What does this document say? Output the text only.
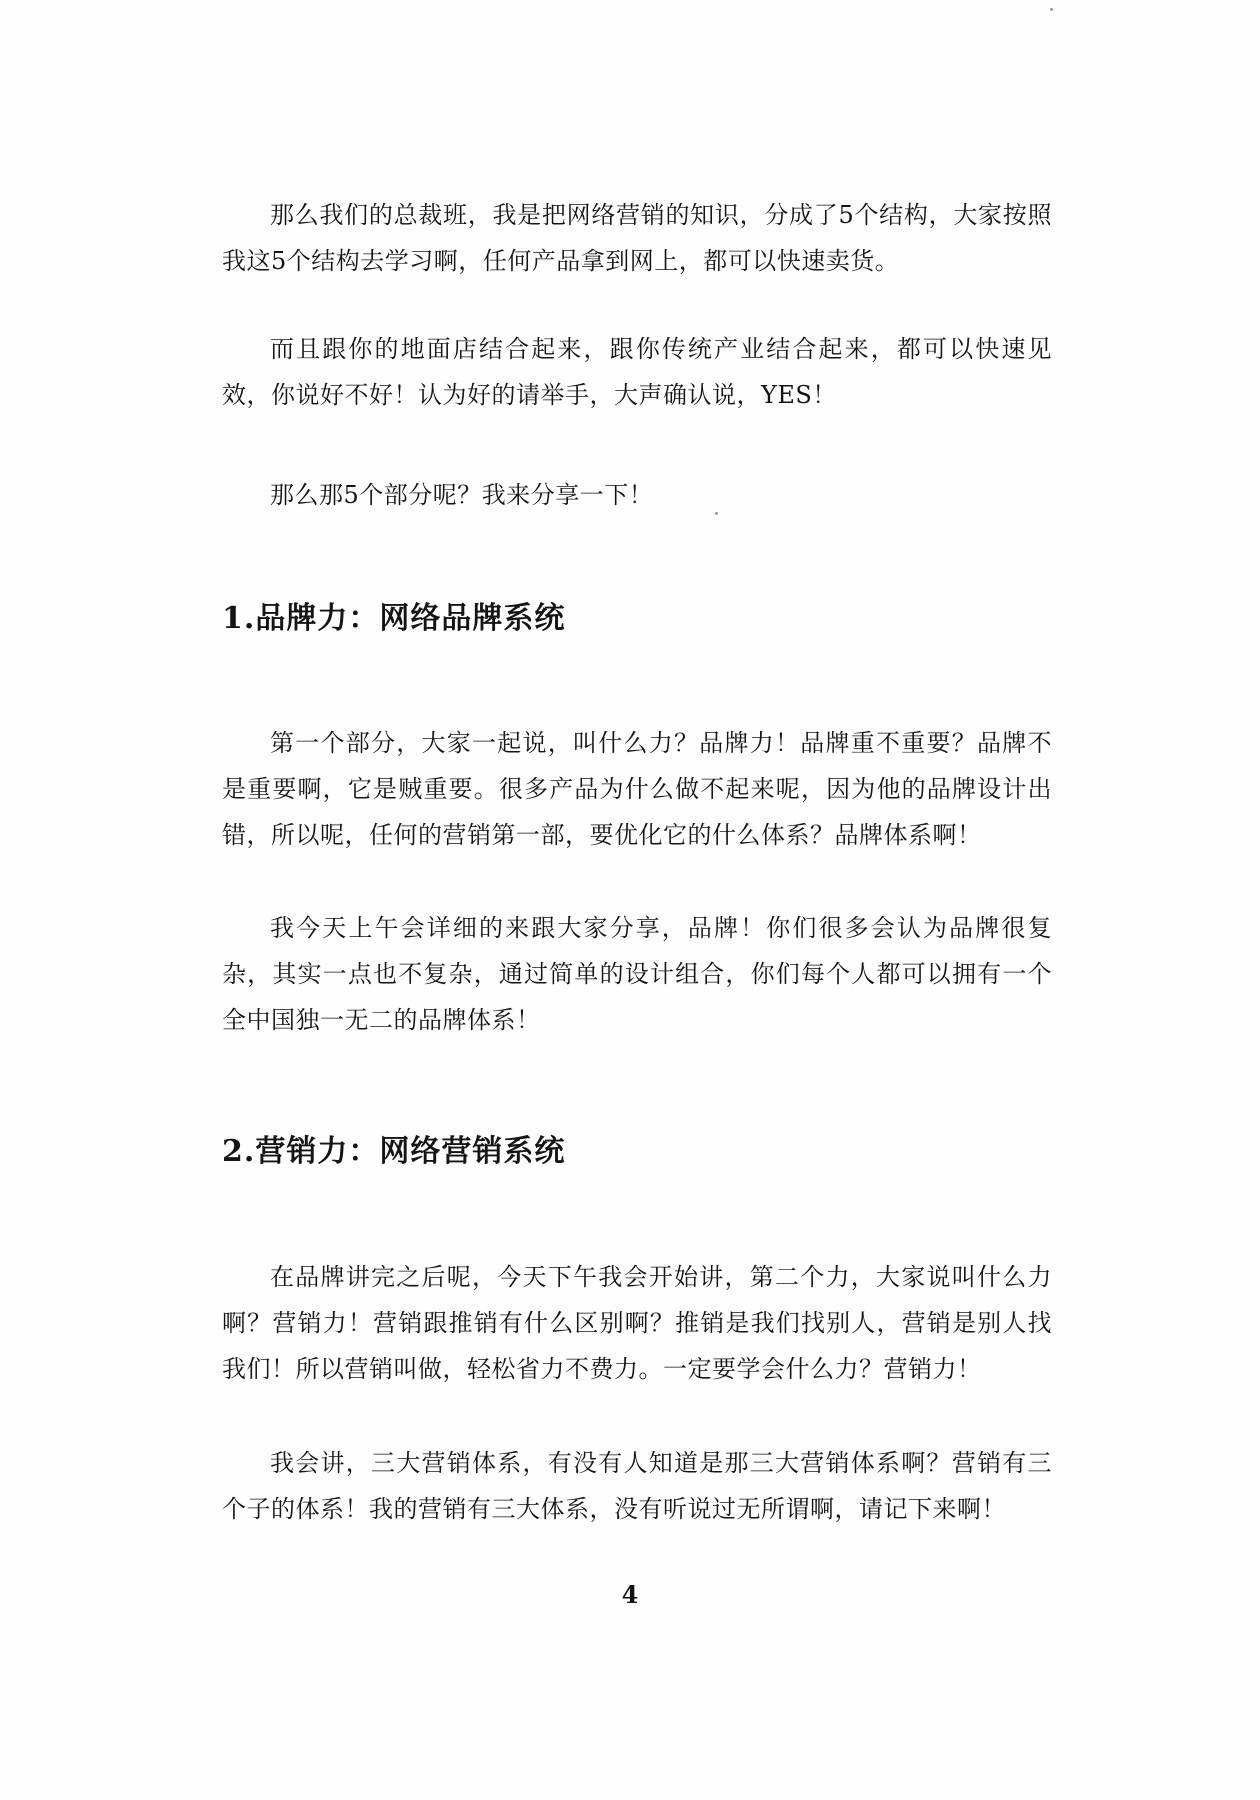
那么我们的总裁班，我是把网络营销的知识，分成了5个结构，大家按照我这5个结构去学习啊，任何产品拿到网上，都可以快速卖货。

而且跟你的地面店结合起来，跟你传统产业结合起来，都可以快速见效，你说好不好！认为好的请举手，大声确认说，YES！

那么那5个部分呢？我来分享一下！

1.品牌力：网络品牌系统

第一个部分，大家一起说，叫什么力？品牌力！品牌重不重要？品牌不是重要啊，它是贼重要。很多产品为什么做不起来呢，因为他的品牌设计出错，所以呢，任何的营销第一部，要优化它的什么体系？品牌体系啊！

我今天上午会详细的来跟大家分享，品牌！你们很多会认为品牌很复杂，其实一点也不复杂，通过简单的设计组合，你们每个人都可以拥有一个全中国独一无二的品牌体系！

2.营销力：网络营销系统

在品牌讲完之后呢，今天下午我会开始讲，第二个力，大家说叫什么力啊？营销力！营销跟推销有什么区别啊？推销是我们找别人，营销是别人找我们！所以营销叫做，轻松省力不费力。一定要学会什么力？营销力！

我会讲，三大营销体系，有没有人知道是那三大营销体系啊？营销有三个子的体系！我的营销有三大体系，没有听说过无所谓啊，请记下来啊！

4
